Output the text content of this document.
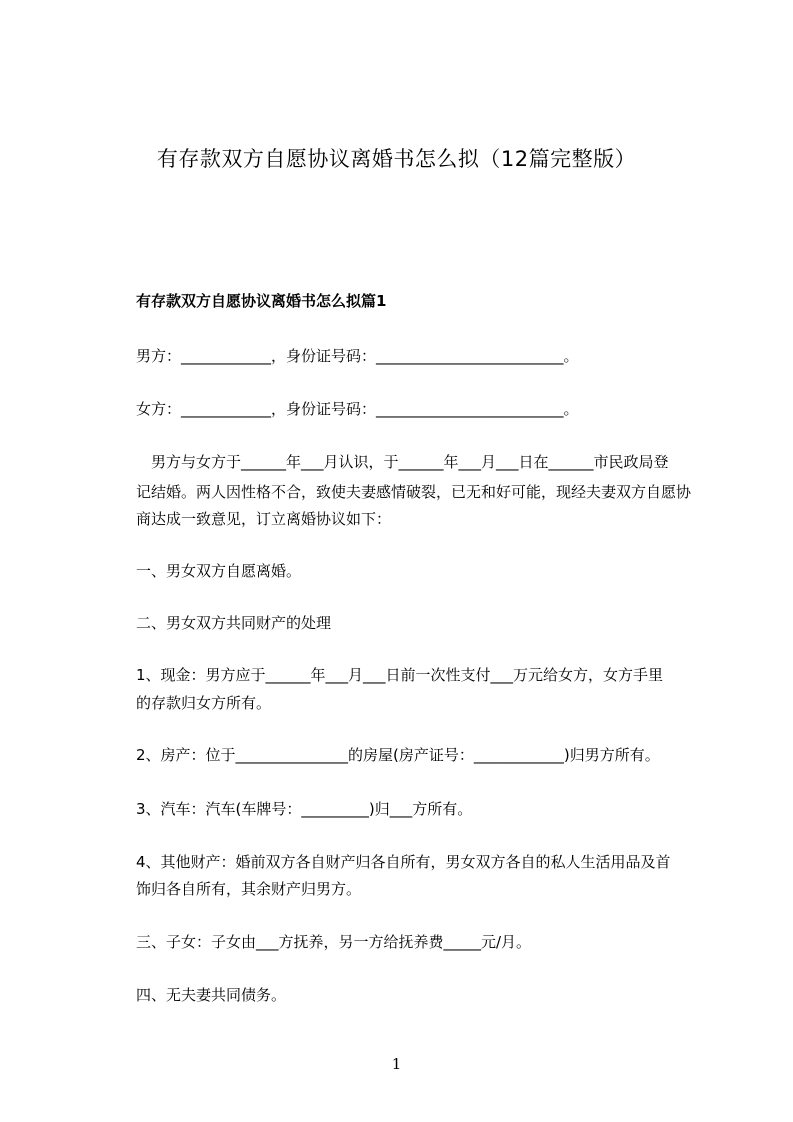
有存款双方自愿协议离婚书怎么拟（12篇完整版）
有存款双方自愿协议离婚书怎么拟篇1
男方：____________，身份证号码：_________________________。
女方：____________，身份证号码：_________________________。
　男方与女方于______年___月认识，于______年___月___日在______市民政局登
记结婚。两人因性格不合，致使夫妻感情破裂，已无和好可能，现经夫妻双方自愿协
商达成一致意见，订立离婚协议如下：
一、男女双方自愿离婚。
二、男女双方共同财产的处理
1、现金：男方应于______年___月___日前一次性支付___万元给女方，女方手里
的存款归女方所有。
2、房产：位于_______________的房屋(房产证号：____________)归男方所有。
3、汽车：汽车(车牌号：_________)归___方所有。
4、其他财产：婚前双方各自财产归各自所有，男女双方各自的私人生活用品及首
饰归各自所有，其余财产归男方。
三、子女：子女由___方抚养，另一方给抚养费_____元/月。
四、无夫妻共同债务。
1
